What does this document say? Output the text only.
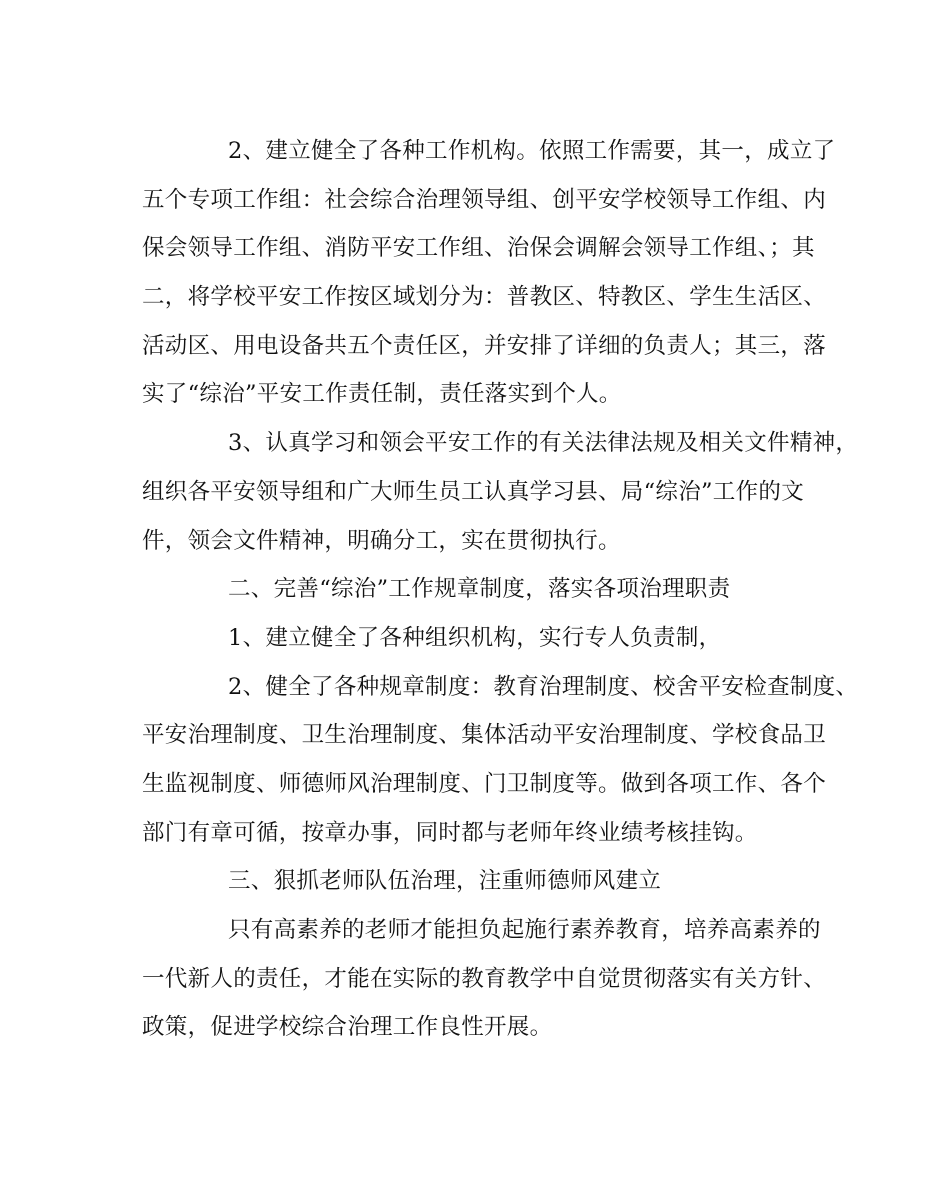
2、建立健全了各种工作机构。依照工作需要，其一，成立了
五个专项工作组：社会综合治理领导组、创平安学校领导工作组、内
保会领导工作组、消防平安工作组、治保会调解会领导工作组、；其
二，将学校平安工作按区域划分为：普教区、特教区、学生生活区、
活动区、用电设备共五个责任区，并安排了详细的负责人；其三，落
实了“综治”平安工作责任制，责任落实到个人。
3、认真学习和领会平安工作的有关法律法规及相关文件精神，
组织各平安领导组和广大师生员工认真学习县、局“综治”工作的文
件，领会文件精神，明确分工，实在贯彻执行。
二、完善“综治”工作规章制度，落实各项治理职责
1、建立健全了各种组织机构，实行专人负责制，
2、健全了各种规章制度：教育治理制度、校舍平安检查制度、
平安治理制度、卫生治理制度、集体活动平安治理制度、学校食品卫
生监视制度、师德师风治理制度、门卫制度等。做到各项工作、各个
部门有章可循，按章办事，同时都与老师年终业绩考核挂钩。
三、狠抓老师队伍治理，注重师德师风建立
只有高素养的老师才能担负起施行素养教育，培养高素养的
一代新人的责任，才能在实际的教育教学中自觉贯彻落实有关方针、
政策，促进学校综合治理工作良性开展。
